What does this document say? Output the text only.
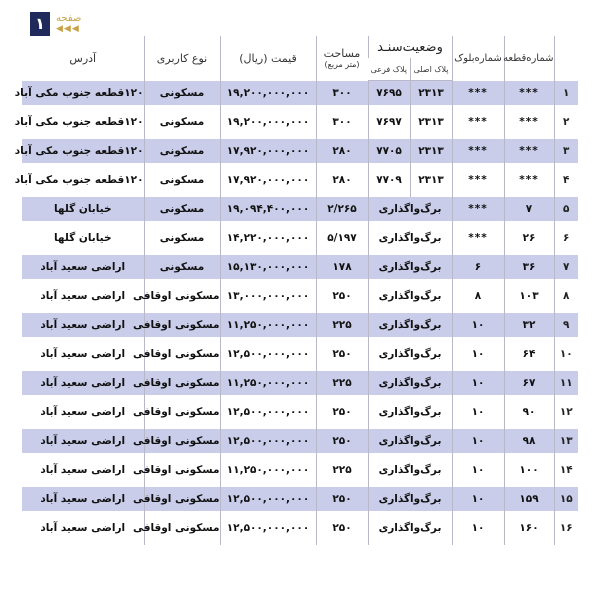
۱	صفحه
◀◀◀
	شماره‌قطعه	شماره‌بلوک	وضعیت‌سنـد		مساحت
(متر مربع)	قیمت (ریال)	نوع کاربری	آدرس
			پلاک اصلی	پلاک فرعی				
۱	***	***	۲۳۱۳	۷۶۹۵	۳۰۰	۱۹,۲۰۰,۰۰۰,۰۰۰	مسکونی	۱۲۰قطعه جنوب مکی آباد
۲	***	***	۲۳۱۳	۷۶۹۷	۳۰۰	۱۹,۲۰۰,۰۰۰,۰۰۰	مسکونی	۱۲۰قطعه جنوب مکی آباد
۳	***	***	۲۳۱۳	۷۷۰۵	۲۸۰	۱۷,۹۲۰,۰۰۰,۰۰۰	مسکونی	۱۲۰قطعه جنوب مکی آباد
۴	***	***	۲۳۱۳	۷۷۰۹	۲۸۰	۱۷,۹۲۰,۰۰۰,۰۰۰	مسکونی	۱۲۰قطعه جنوب مکی آباد
۵	۷	***	برگ‌واگذاری		۲/۲۶۵	۱۹,۰۹۴,۴۰۰,۰۰۰	مسکونی	خیابان گلها
۶	۲۶	***	برگ‌واگذاری		۵/۱۹۷	۱۴,۲۲۰,۰۰۰,۰۰۰	مسکونی	خیابان گلها
۷	۳۶	۶	برگ‌واگذاری		۱۷۸	۱۵,۱۳۰,۰۰۰,۰۰۰	مسکونی	اراضی سعید آباد
۸	۱۰۳	۸	برگ‌واگذاری		۲۵۰	۱۳,۰۰۰,۰۰۰,۰۰۰	مسکونی اوقافی	اراضی سعید آباد
۹	۳۲	۱۰	برگ‌واگذاری		۲۲۵	۱۱,۲۵۰,۰۰۰,۰۰۰	مسکونی اوقافی	اراضی سعید آباد
۱۰	۶۴	۱۰	برگ‌واگذاری		۲۵۰	۱۲,۵۰۰,۰۰۰,۰۰۰	مسکونی اوقافی	اراضی سعید آباد
۱۱	۶۷	۱۰	برگ‌واگذاری		۲۲۵	۱۱,۲۵۰,۰۰۰,۰۰۰	مسکونی اوقافی	اراضی سعید آباد
۱۲	۹۰	۱۰	برگ‌واگذاری		۲۵۰	۱۲,۵۰۰,۰۰۰,۰۰۰	مسکونی اوقافی	اراضی سعید آباد
۱۳	۹۸	۱۰	برگ‌واگذاری		۲۵۰	۱۲,۵۰۰,۰۰۰,۰۰۰	مسکونی اوقافی	اراضی سعید آباد
۱۴	۱۰۰	۱۰	برگ‌واگذاری		۲۲۵	۱۱,۲۵۰,۰۰۰,۰۰۰	مسکونی اوقافی	اراضی سعید آباد
۱۵	۱۵۹	۱۰	برگ‌واگذاری		۲۵۰	۱۲,۵۰۰,۰۰۰,۰۰۰	مسکونی اوقافی	اراضی سعید آباد
۱۶	۱۶۰	۱۰	برگ‌واگذاری		۲۵۰	۱۲,۵۰۰,۰۰۰,۰۰۰	مسکونی اوقافی	اراضی سعید آباد
